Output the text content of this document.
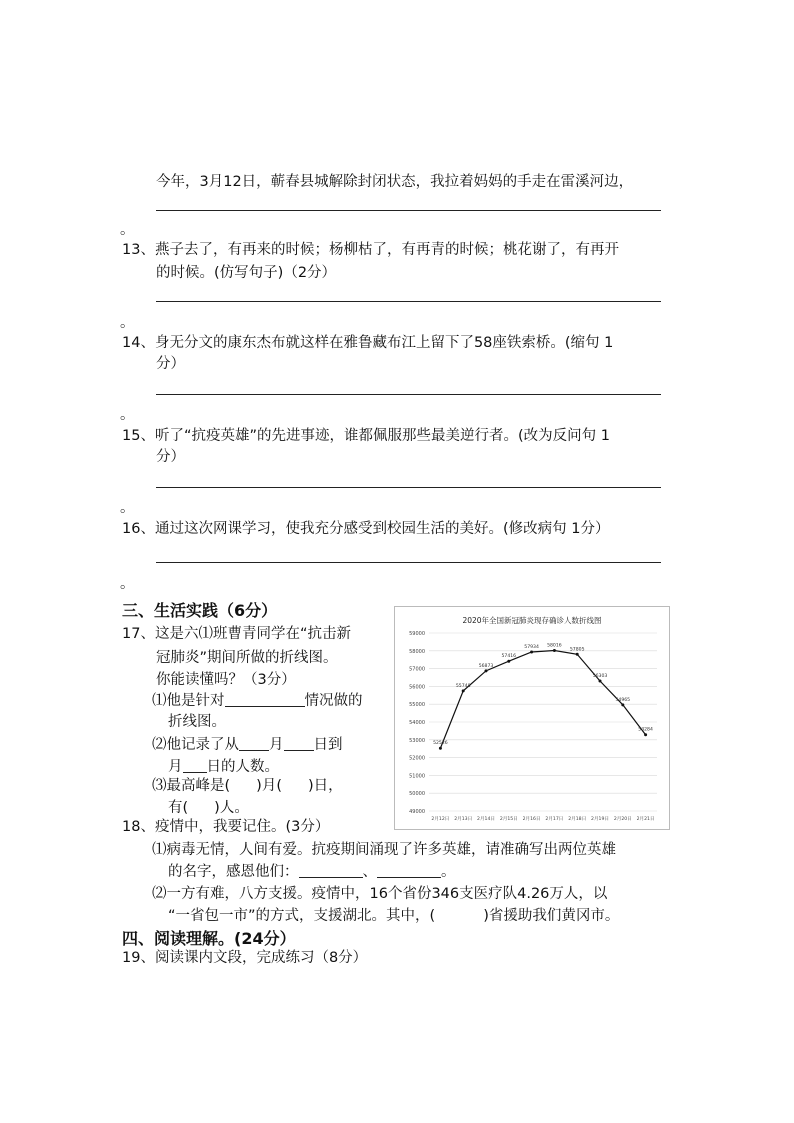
今年，3月12日，蕲春县城解除封闭状态，我拉着妈妈的手走在雷溪河边，
。
13、燕子去了，有再来的时候；杨柳枯了，有再青的时候；桃花谢了，有再开
的时候。(仿写句子)（2分）
。
14、身无分文的康东杰布就这样在雅鲁藏布江上留下了58座铁索桥。(缩句 1
分）
。
15、听了“抗疫英雄”的先进事迹，谁都佩服那些最美逆行者。(改为反问句 1
分）
。
16、通过这次网课学习，使我充分感受到校园生活的美好。(修改病句 1分）
。
三、生活实践（6分）
17、这是六⑴班曹青同学在“抗击新
冠肺炎”期间所做的折线图。
你能读懂吗？（3分）
⑴他是针对	情况做的
折线图。
⑵他记录了从 月 日到
月 日的人数。
⑶最高峰是( )月( )日，
有( )人。
2020年全国新冠肺炎现存确诊人数折线图
59000
58000
57000
56000
55000
54000
53000
52000
51000
50000
49000
2月12日 2月13日 2月14日 2月15日 2月16日 2月17日 2月18日 2月19日 2月20日 2月21日
52526
55748
56873
57416
57934 58016
57805
56303
54965
53284
18、疫情中，我要记住。(3分）
⑴病毒无情，人间有爱。抗疫期间涌现了许多英雄，请准确写出两位英雄
的名字，感恩他们：	、	。
⑵一方有难，八方支援。疫情中，16个省份346支医疗队4.26万人，以
“一省包一市”的方式，支援湖北。其中，(	)省援助我们黄冈市。
四、阅读理解。(24分）
19、阅读课内文段，完成练习（8分）
